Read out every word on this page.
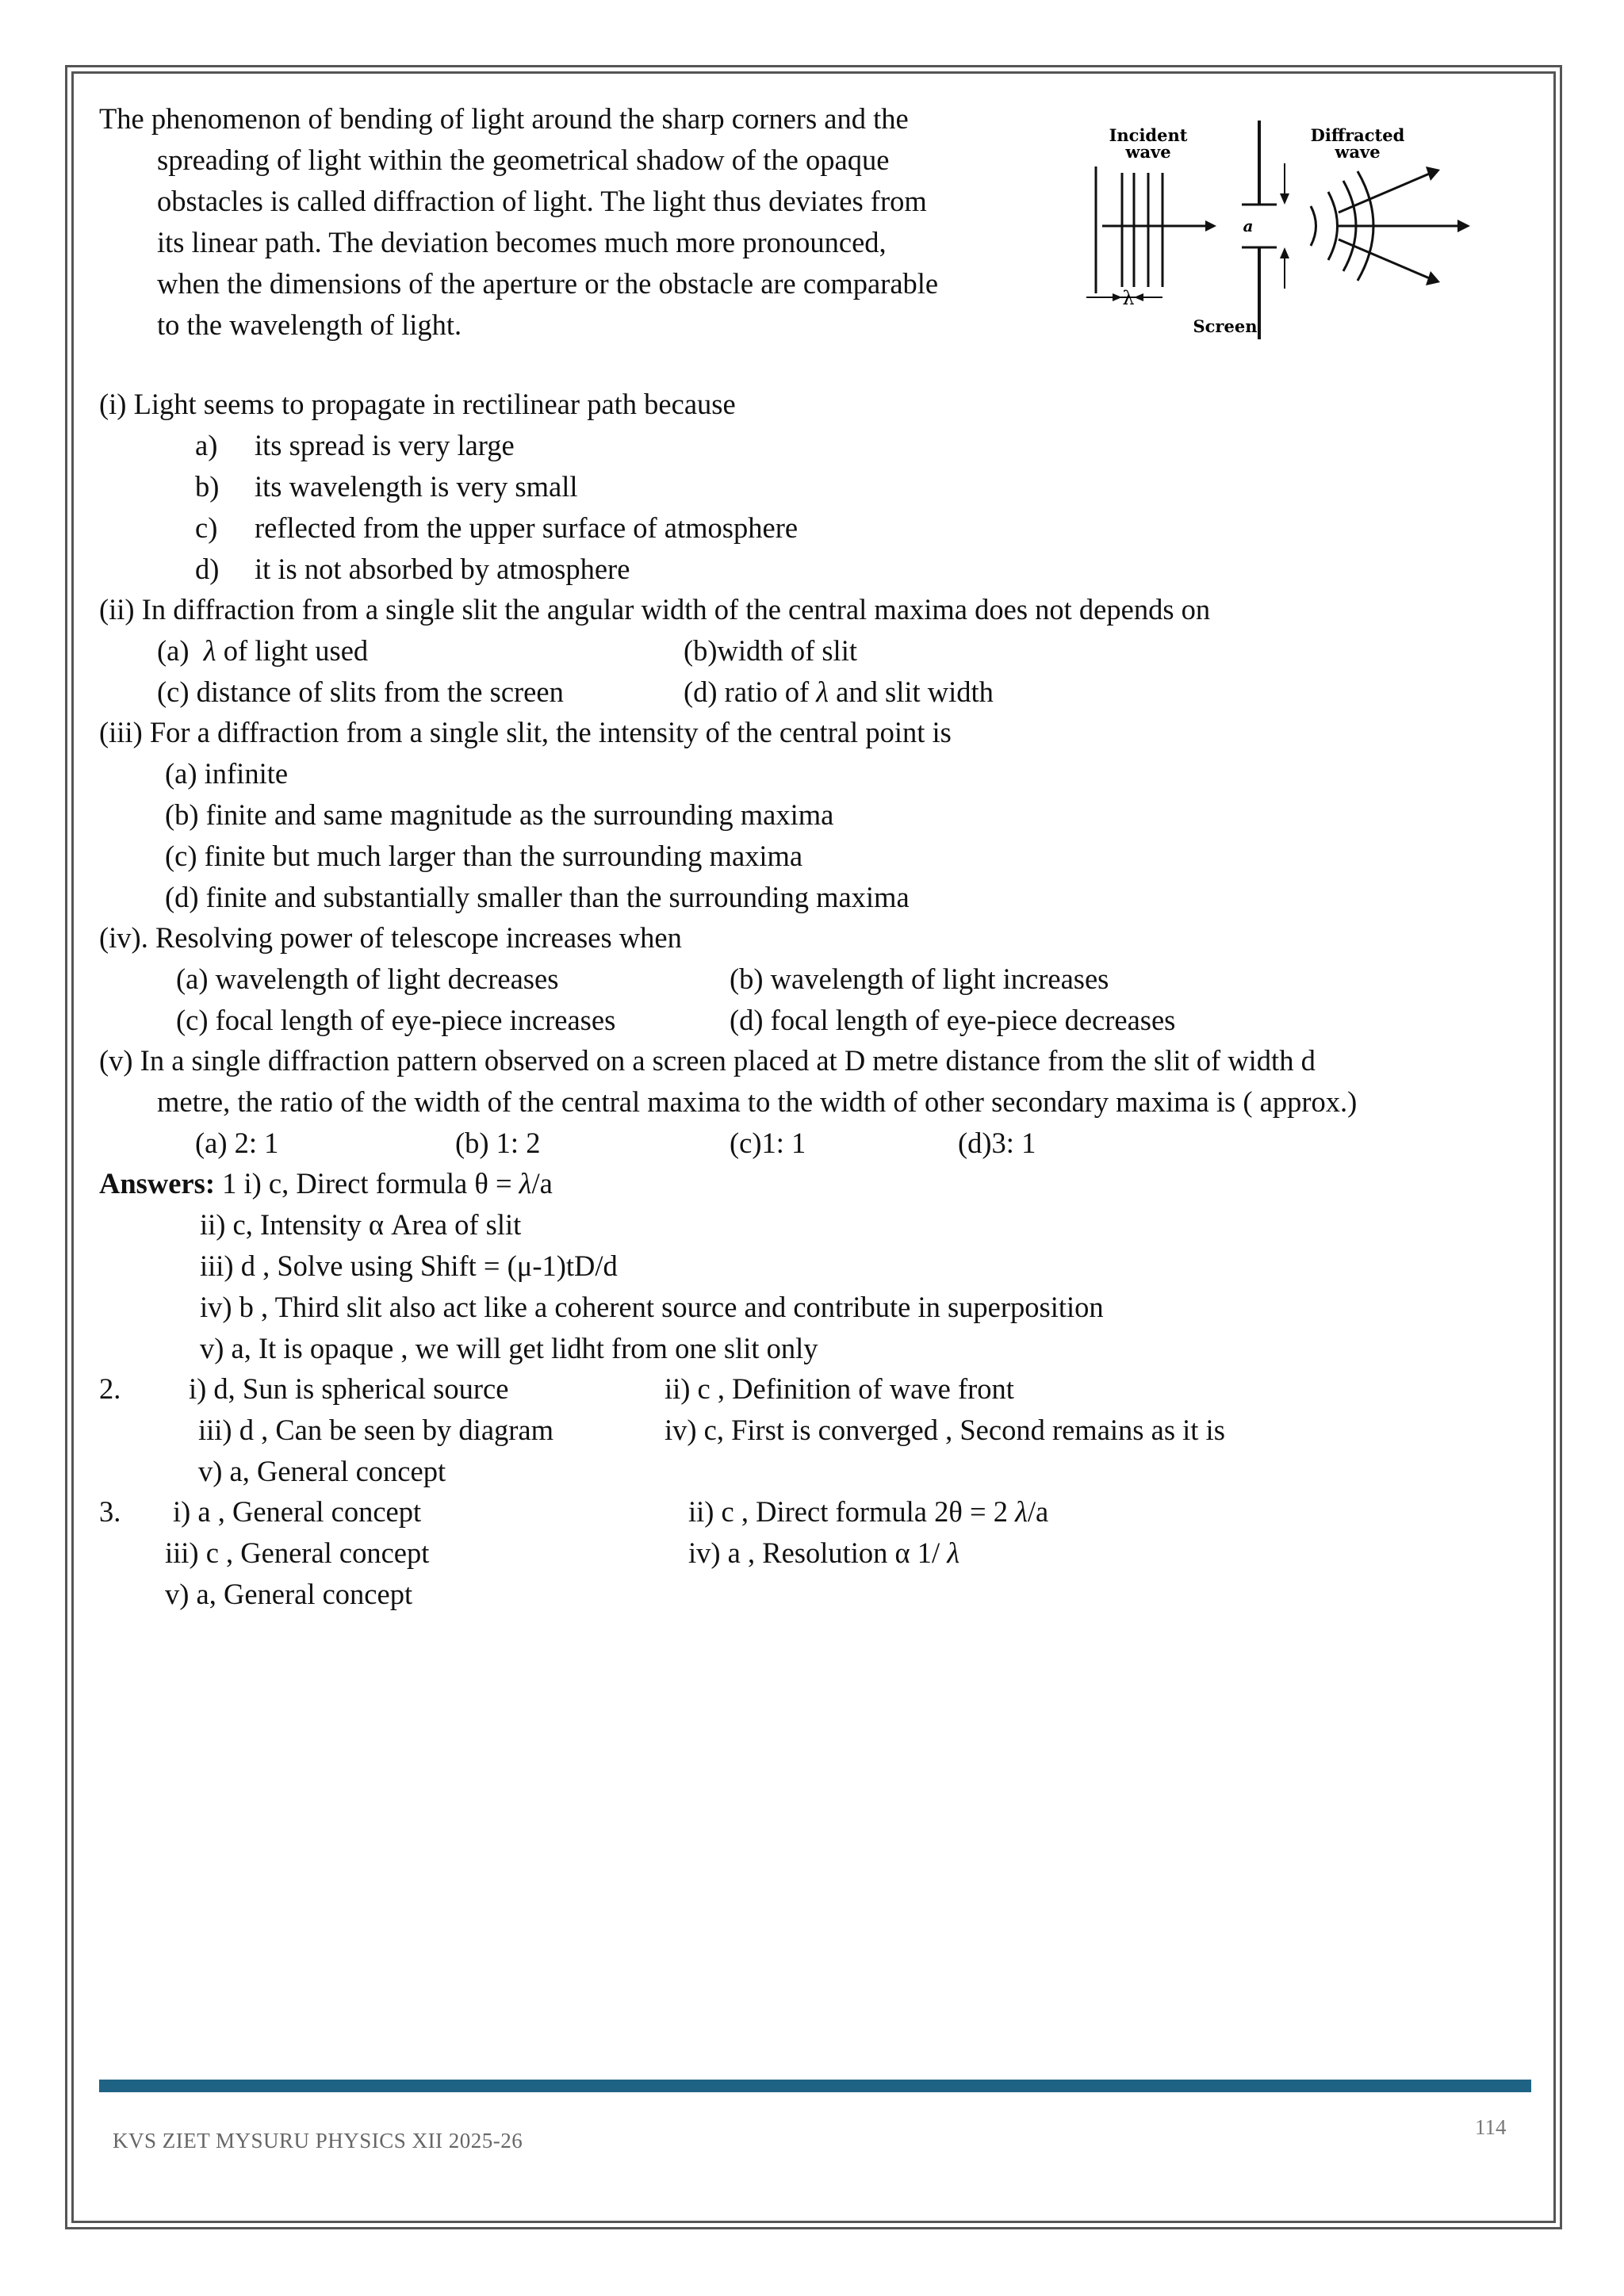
The phenomenon of bending of light around the sharp corners and the
spreading of light within the geometrical shadow of the opaque
obstacles is called diffraction of light. The light thus deviates from
its linear path. The deviation becomes much more pronounced,
when the dimensions of the aperture or the obstacle are comparable
to the wavelength of light.
Incident
wave
Diffracted
wave
λ
a
Screen
(i) Light seems to propagate in rectilinear path because
a) its spread is very large
b) its wavelength is very small
c) reflected from the upper surface of atmosphere
d) it is not absorbed by atmosphere
(ii) In diffraction from a single slit the angular width of the central maxima does not depends on
(a) λ of light used	(b)width of slit
(c) distance of slits from the screen	(d) ratio of λ and slit width
(iii) For a diffraction from a single slit, the intensity of the central point is
(a) infinite
(b) finite and same magnitude as the surrounding maxima
(c) finite but much larger than the surrounding maxima
(d) finite and substantially smaller than the surrounding maxima
(iv). Resolving power of telescope increases when
(a) wavelength of light decreases	(b) wavelength of light increases
(c) focal length of eye-piece increases	(d) focal length of eye-piece decreases
(v) In a single diffraction pattern observed on a screen placed at D metre distance from the slit of width d
metre, the ratio of the width of the central maxima to the width of other secondary maxima is ( approx.)
(a) 2: 1	(b) 1: 2	(c)1: 1	(d)3: 1
Answers: 1 i) c, Direct formula θ = λ/a
ii) c, Intensity α Area of slit
iii) d , Solve using Shift = (μ-1)tD/d
iv) b , Third slit also act like a coherent source and contribute in superposition
v) a, It is opaque , we will get lidht from one slit only
2. i) d, Sun is spherical source	ii) c , Definition of wave front
iii) d , Can be seen by diagram	iv) c, First is converged , Second remains as it is
v) a, General concept
3. i) a , General concept	ii) c , Direct formula 2θ = 2 λ/a
iii) c , General concept	iv) a , Resolution α 1/ λ
v) a, General concept
KVS ZIET MYSURU PHYSICS XII 2025-26
114
